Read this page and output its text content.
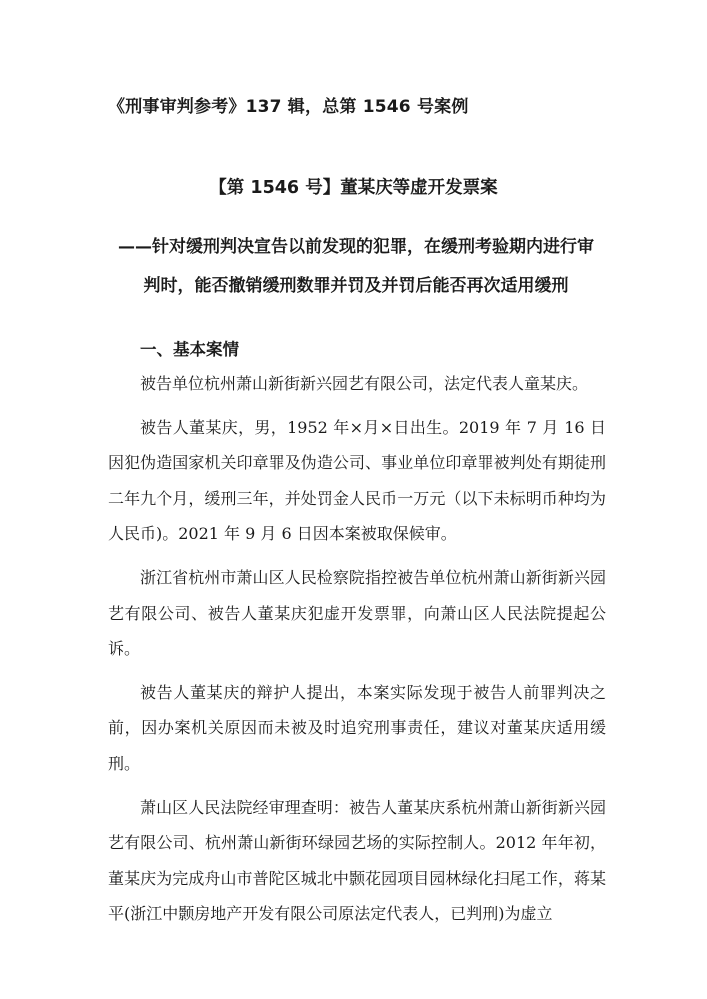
《刑事审判参考》137 辑，总第 1546 号案例
【第 1546 号】董某庆等虚开发票案
——针对缓刑判决宣告以前发现的犯罪，在缓刑考验期内进行审判时，能否撤销缓刑数罪并罚及并罚后能否再次适用缓刑
一、基本案情

被告单位杭州萧山新街新兴园艺有限公司，法定代表人童某庆。

被告人董某庆，男，1952 年×月×日出生。2019 年 7 月 16 日因犯伪造国家机关印章罪及伪造公司、事业单位印章罪被判处有期徒刑二年九个月，缓刑三年，并处罚金人民币一万元（以下未标明币种均为人民币)。2021 年 9 月 6 日因本案被取保候审。

浙江省杭州市萧山区人民检察院指控被告单位杭州萧山新街新兴园艺有限公司、被告人董某庆犯虚开发票罪，向萧山区人民法院提起公诉。

被告人董某庆的辩护人提出，本案实际发现于被告人前罪判决之前，因办案机关原因而未被及时追究刑事责任，建议对董某庆适用缓刑。

萧山区人民法院经审理查明：被告人董某庆系杭州萧山新街新兴园艺有限公司、杭州萧山新街环绿园艺场的实际控制人。2012 年年初，董某庆为完成舟山市普陀区城北中颢花园项目园林绿化扫尾工作，蒋某平(浙江中颢房地产开发有限公司原法定代表人，已判刑)为虚立
